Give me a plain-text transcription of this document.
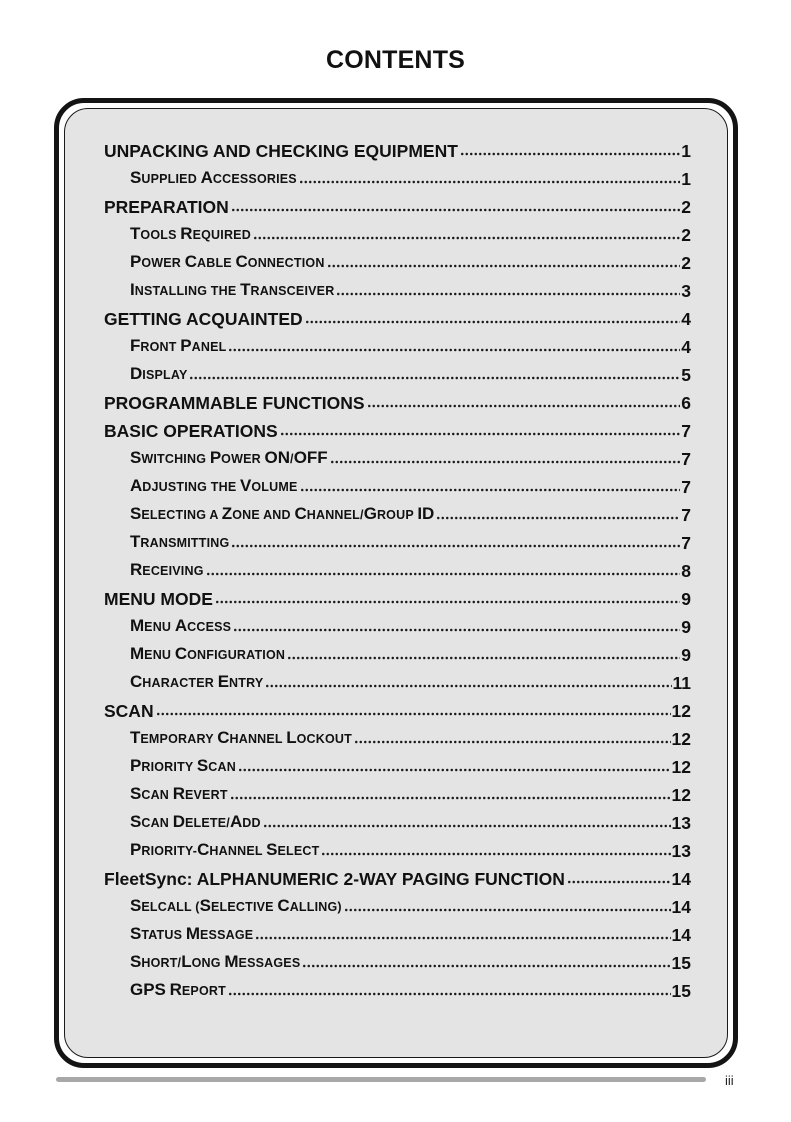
CONTENTS
UNPACKING AND CHECKING EQUIPMENT	1
SUPPLIED ACCESSORIES	1
PREPARATION	2
TOOLS REQUIRED	2
POWER CABLE CONNECTION	2
INSTALLING THE TRANSCEIVER	3
GETTING ACQUAINTED	4
FRONT PANEL	4
DISPLAY	5
PROGRAMMABLE FUNCTIONS	6
BASIC OPERATIONS	7
SWITCHING POWER ON/OFF	7
ADJUSTING THE VOLUME	7
SELECTING A ZONE AND CHANNEL/GROUP ID	7
TRANSMITTING	7
RECEIVING	8
MENU MODE	9
MENU ACCESS	9
MENU CONFIGURATION	9
CHARACTER ENTRY	11
SCAN	12
TEMPORARY CHANNEL LOCKOUT	12
PRIORITY SCAN	12
SCAN REVERT	12
SCAN DELETE/ADD	13
PRIORITY-CHANNEL SELECT	13
FleetSync: ALPHANUMERIC 2-WAY PAGING FUNCTION	14
SELCALL (SELECTIVE CALLING)	14
STATUS MESSAGE	14
SHORT/LONG MESSAGES	15
GPS REPORT	15
iii
